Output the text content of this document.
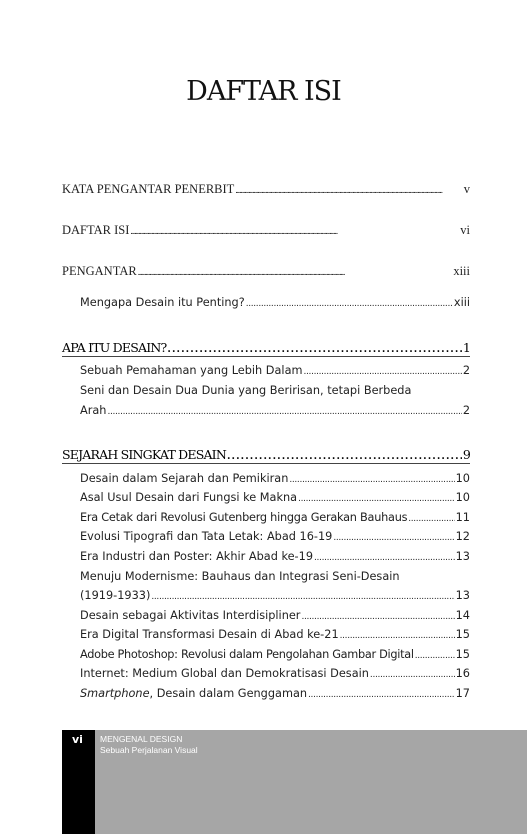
DAFTAR ISI
KATA PENGANTAR PENERBIT . . .	v
DAFTAR ISI . . .	vi
PENGANTAR . . .	xiii
Mengapa Desain itu Penting? . . .	xiii
APA ITU DESAIN? . . .	1
Sebuah Pemahaman yang Lebih Dalam . . .	2
Seni dan Desain Dua Dunia yang Beririsan, tetapi Berbeda
Arah . . .	2
SEJARAH SINGKAT DESAIN . . .	9
Desain dalam Sejarah dan Pemikiran . . .	10
Asal Usul Desain dari Fungsi ke Makna . . .	10
Era Cetak dari Revolusi Gutenberg hingga Gerakan Bauhaus . . .	11
Evolusi Tipografi dan Tata Letak: Abad 16-19 . . .	12
Era Industri dan Poster: Akhir Abad ke-19 . . .	13
Menuju Modernisme: Bauhaus dan Integrasi Seni-Desain
(1919-1933) . . .	13
Desain sebagai Aktivitas Interdisipliner . . .	14
Era Digital Transformasi Desain di Abad ke-21 . . .	15
Adobe Photoshop: Revolusi dalam Pengolahan Gambar Digital . . .	15
Internet: Medium Global dan Demokratisasi Desain . . .	16
Smartphone, Desain dalam Genggaman . . .	17
vi MENGENAL DESIGN
Sebuah Perjalanan Visual
